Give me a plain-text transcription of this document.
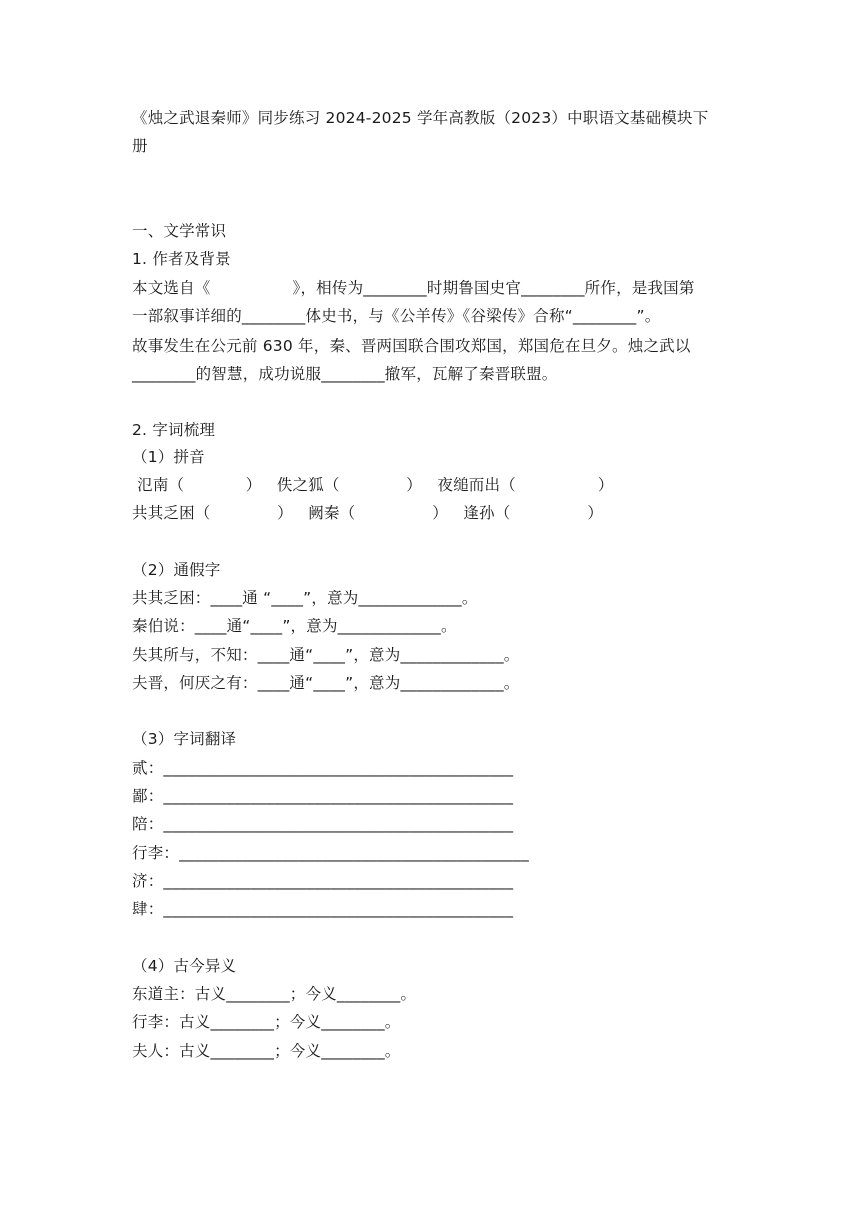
《烛之武退秦师》同步练习 2024-2025 学年高教版（2023）中职语文基础模块下
册
一、文学常识
1. 作者及背景
本文选自《                》，相传为________时期鲁国史官________所作，是我国第
一部叙事详细的________体史书，与《公羊传》《谷梁传》合称“________”。
故事发生在公元前 630 年，秦、晋两国联合围攻郑国，郑国危在旦夕。烛之武以
________的智慧，成功说服________撤军，瓦解了秦晋联盟。
2. 字词梳理
（1）拼音
氾南（            ）   佚之狐（             ）   夜缒而出（                ）
共其乏困（             ）   阙秦（               ）   逢孙（               ）
（2）通假字
共其乏困：____通 “____”，意为_____________。
秦伯说：____通“____”，意为_____________。
失其所与，不知：____通“____”，意为_____________。
夫晋，何厌之有：____通“____”，意为_____________。
（3）字词翻译
贰：____________________________________________
鄙：____________________________________________
陪：____________________________________________
行李：____________________________________________
济：____________________________________________
肆：____________________________________________
（4）古今异义
东道主：古义________；今义________。
行李：古义________；今义________。
夫人：古义________；今义________。
